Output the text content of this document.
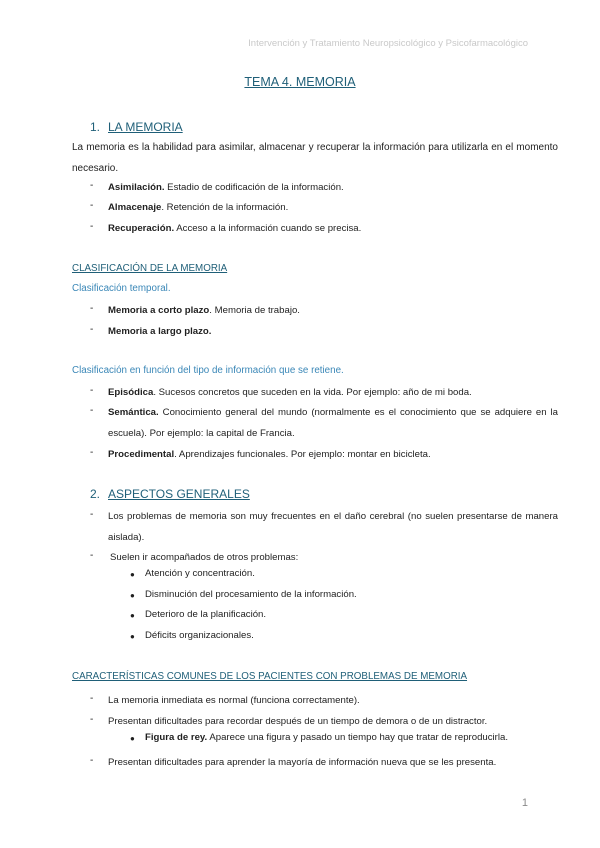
Intervención y Tratamiento Neuropsicológico y Psicofarmacológico
TEMA 4. MEMORIA
1. LA MEMORIA
La memoria es la habilidad para asimilar, almacenar y recuperar la información para utilizarla en el momento necesario.
- Asimilación. Estadio de codificación de la información.
- Almacenaje. Retención de la información.
- Recuperación. Acceso a la información cuando se precisa.
CLASIFICACIÓN DE LA MEMORIA
Clasificación temporal.
- Memoria a corto plazo. Memoria de trabajo.
- Memoria a largo plazo.
Clasificación en función del tipo de información que se retiene.
- Episódica. Sucesos concretos que suceden en la vida. Por ejemplo: año de mi boda.
- Semántica. Conocimiento general del mundo (normalmente es el conocimiento que se adquiere en la escuela). Por ejemplo: la capital de Francia.
- Procedimental. Aprendizajes funcionales. Por ejemplo: montar en bicicleta.
2. ASPECTOS GENERALES
- Los problemas de memoria son muy frecuentes en el daño cerebral (no suelen presentarse de manera aislada).
- Suelen ir acompañados de otros problemas:
● Atención y concentración.
● Disminución del procesamiento de la información.
● Deterioro de la planificación.
● Déficits organizacionales.
CARACTERÍSTICAS COMUNES DE LOS PACIENTES CON PROBLEMAS DE MEMORIA
- La memoria inmediata es normal (funciona correctamente).
- Presentan dificultades para recordar después de un tiempo de demora o de un distractor.
● Figura de rey. Aparece una figura y pasado un tiempo hay que tratar de reproducirla.
- Presentan dificultades para aprender la mayoría de información nueva que se les presenta.
1
